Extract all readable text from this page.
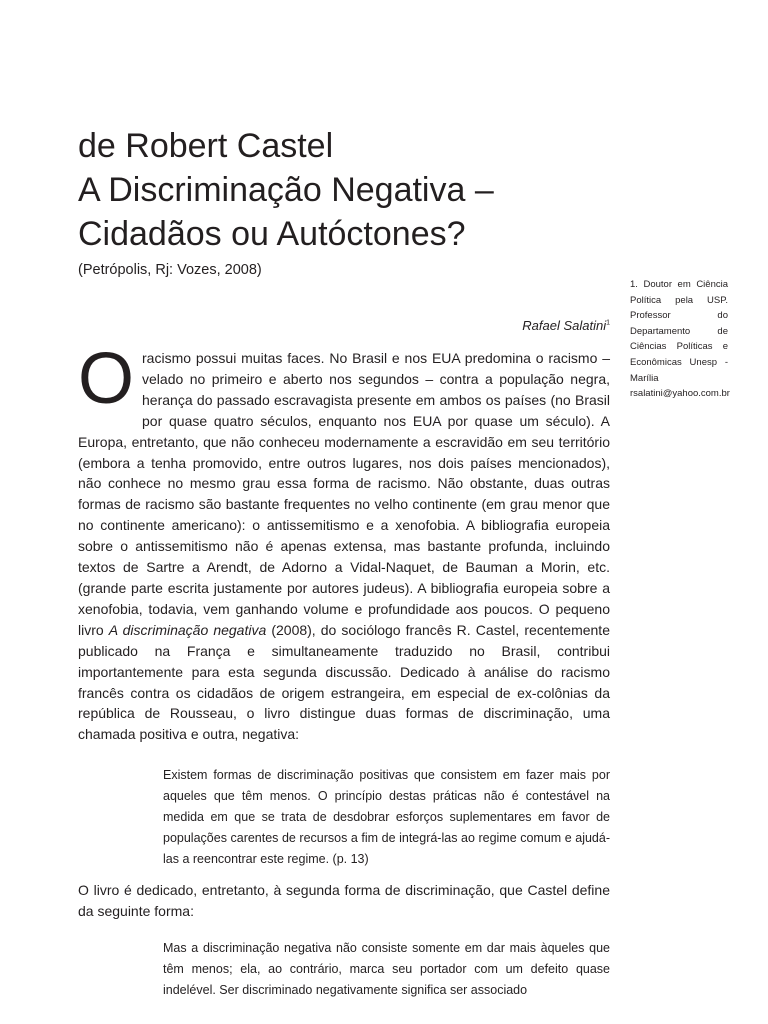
de Robert Castel
A Discriminação Negativa –
Cidadãos ou Autóctones?
(Petrópolis, Rj: Vozes, 2008)
Rafael Salatini$^1$
1. Doutor em Ciência Política pela USP. Professor do Departamento de Ciências Políticas e Econômicas Unesp - Marília rsalatini@yahoo.com.br
Oracismo possui muitas faces. No Brasil e nos EUA predomina o racismo – velado no primeiro e aberto nos segundos – contra a população negra, herança do passado escravagista presente em ambos os países (no Brasil por quase quatro séculos, enquanto nos EUA por quase um século). A Europa, entretanto, que não conheceu modernamente a escravidão em seu território (embora a tenha promovido, entre outros lugares, nos dois países mencionados), não conhece no mesmo grau essa forma de racismo. Não obstante, duas outras formas de racismo são bastante frequentes no velho continente (em grau menor que no continente americano): o antissemitismo e a xenofobia. A bibliografia europeia sobre o antissemitismo não é apenas extensa, mas bastante profunda, incluindo textos de Sartre a Arendt, de Adorno a Vidal-Naquet, de Bauman a Morin, etc. (grande parte escrita justamente por autores judeus). A bibliografia europeia sobre a xenofobia, todavia, vem ganhando volume e profundidade aos poucos. O pequeno livro A discriminação negativa (2008), do sociólogo francês R. Castel, recentemente publicado na França e simultaneamente traduzido no Brasil, contribui importantemente para esta segunda discussão. Dedicado à análise do racismo francês contra os cidadãos de origem estrangeira, em especial de ex-colônias da república de Rousseau, o livro distingue duas formas de discriminação, uma chamada positiva e outra, negativa:

Existem formas de discriminação positivas que consistem em fazer mais por aqueles que têm menos. O princípio destas práticas não é contestável na medida em que se trata de desdobrar esforços suplementares em favor de populações carentes de recursos a fim de integrá-las ao regime comum e ajudá-las a reencontrar este regime. (p. 13)

O livro é dedicado, entretanto, à segunda forma de discriminação, que Castel define da seguinte forma:

Mas a discriminação negativa não consiste somente em dar mais àqueles que têm menos; ela, ao contrário, marca seu portador com um defeito quase indelével. Ser discriminado negativamente significa ser associado
